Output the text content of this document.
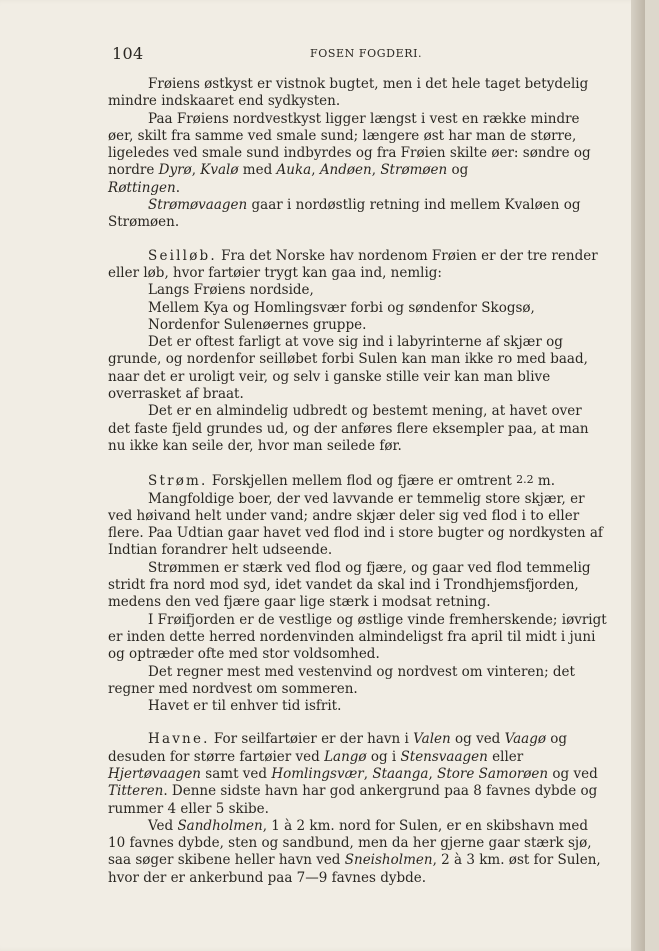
104	FOSEN FOGDERI.

Frøiens østkyst er vistnok bugtet, men i det hele taget betydelig mindre indskaaret end sydkysten.

Paa Frøiens nordvestkyst ligger længst i vest en række mindre øer, skilt fra samme ved smale sund; længere øst har man de større, ligeledes ved smale sund indbyrdes og fra Frøien skilte øer: søndre og nordre Dyrø, Kvalø med Auka, Andøen, Strømøen og
Røttingen.

Strømøvaagen gaar i nordøstlig retning ind mellem Kvaløen og Strømøen.

Seilløb. Fra det Norske hav nordenom Frøien er der tre render eller løb, hvor fartøier trygt kan gaa ind, nemlig:

Langs Frøiens nordside,

Mellem Kya og Homlingsvær forbi og søndenfor Skogsø,

Nordenfor Sulenøernes gruppe.

Det er oftest farligt at vove sig ind i labyrinterne af skjær og grunde, og nordenfor seilløbet forbi Sulen kan man ikke ro med baad, naar det er uroligt veir, og selv i ganske stille veir kan man blive overrasket af braat.

Det er en almindelig udbredt og bestemt mening, at havet over det faste fjeld grundes ud, og der anføres flere eksempler paa, at man nu ikke kan seile der, hvor man seilede før.

Strøm. Forskjellen mellem flod og fjære er omtrent 2.2 m.

Mangfoldige boer, der ved lavvande er temmelig store skjær, er ved høivand helt under vand; andre skjær deler sig ved flod i to eller flere. Paa Udtian gaar havet ved flod ind i store bugter og nordkysten af Indtian forandrer helt udseende.

Strømmen er stærk ved flod og fjære, og gaar ved flod temmelig stridt fra nord mod syd, idet vandet da skal ind i Trondhjemsfjorden, medens den ved fjære gaar lige stærk i modsat retning.

I Frøifjorden er de vestlige og østlige vinde fremherskende; iøvrigt er inden dette herred nordenvinden almindeligst fra april til midt i juni og optræder ofte med stor voldsomhed.

Det regner mest med vestenvind og nordvest om vinteren; det regner med nordvest om sommeren.

Havet er til enhver tid isfrit.

Havne. For seilfartøier er der havn i Valen og ved Vaagø og desuden for større fartøier ved Langø og i Stensvaagen eller Hjertøvaagen samt ved Homlingsvær, Staanga, Store Samorøen og ved Titteren. Denne sidste havn har god ankergrund paa 8 favnes dybde og rummer 4 eller 5 skibe.

Ved Sandholmen, 1 à 2 km. nord for Sulen, er en skibshavn med 10 favnes dybde, sten og sandbund, men da her gjerne gaar stærk sjø, saa søger skibene heller havn ved Sneisholmen, 2 à 3 km. øst for Sulen, hvor der er ankerbund paa 7—9 favnes dybde.
